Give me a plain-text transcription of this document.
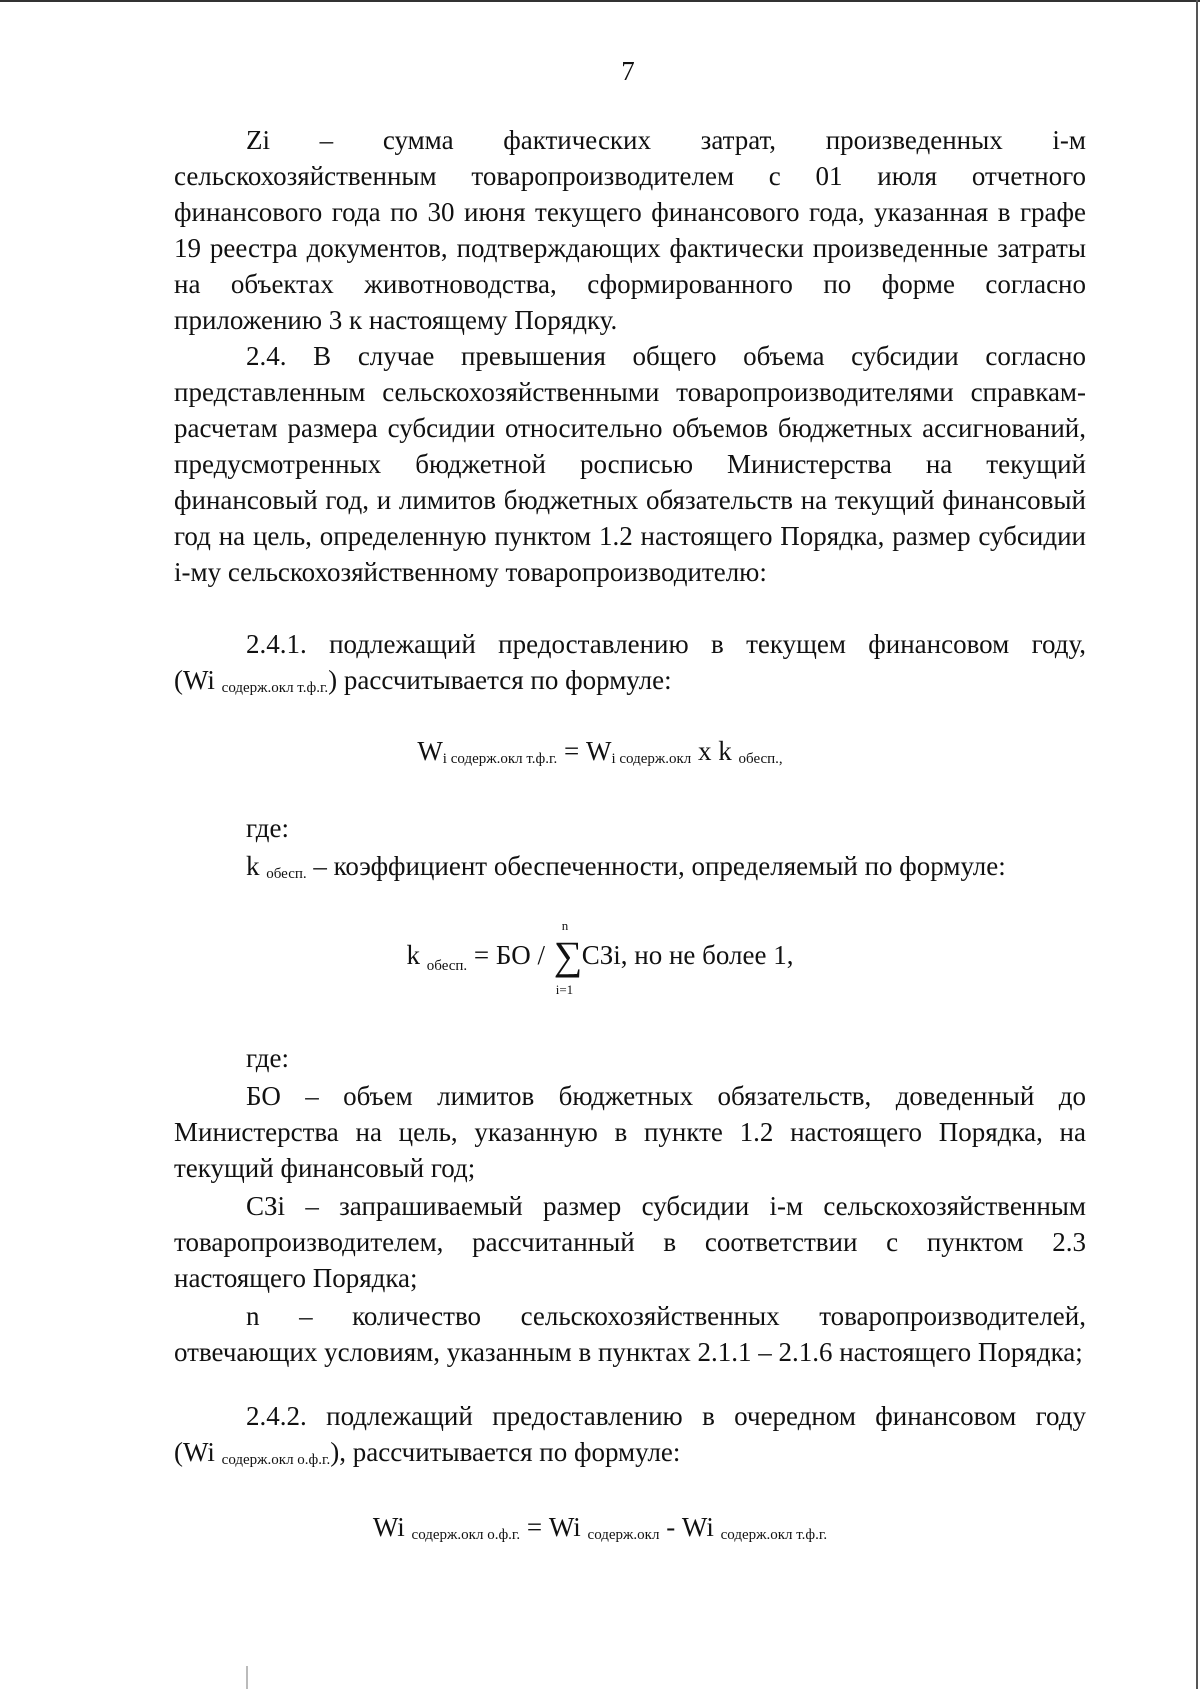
7

Zi – сумма фактических затрат, произведенных i-м сельскохозяйственным товаропроизводителем с 01 июля отчетного финансового года по 30 июня текущего финансового года, указанная в графе 19 реестра документов, подтверждающих фактически произведенные затраты на объектах животноводства, сформированного по форме согласно приложению 3 к настоящему Порядку.

2.4. В случае превышения общего объема субсидии согласно представленным сельскохозяйственными товаропроизводителями справкам-расчетам размера субсидии относительно объемов бюджетных ассигнований, предусмотренных бюджетной росписью Министерства на текущий финансовый год, и лимитов бюджетных обязательств на текущий финансовый год на цель, определенную пунктом 1.2 настоящего Порядка, размер субсидии i-му сельскохозяйственному товаропроизводителю:

2.4.1. подлежащий предоставлению в текущем финансовом году,

(Wi $_{содерж.окл т.ф.г.}$) рассчитывается по формуле:

$W_{i содерж.окл т.ф.г.} = W_{i содерж.окл}$ x k $_{обесп.,}$

где:

k $_{обесп.}$ – коэффициент обеспеченности, определяемый по формуле:

k $_{обесп.}$ = БО /
n
∑
i=1
СЗi, но не более 1,

где:

БО – объем лимитов бюджетных обязательств, доведенный до Министерства на цель, указанную в пункте 1.2 настоящего Порядка, на текущий финансовый год;

СЗi – запрашиваемый размер субсидии i-м сельскохозяйственным товаропроизводителем, рассчитанный в соответствии с пунктом 2.3 настоящего Порядка;

n – количество сельскохозяйственных товаропроизводителей, отвечающих условиям, указанным в пунктах 2.1.1 – 2.1.6 настоящего Порядка;

2.4.2. подлежащий предоставлению в очередном финансовом году

(Wi $_{содерж.окл о.ф.г.}$), рассчитывается по формуле:

Wi $_{содерж.окл о.ф.г.}$ = Wi $_{содерж.окл}$ - Wi $_{содерж.окл т.ф.г.}$
